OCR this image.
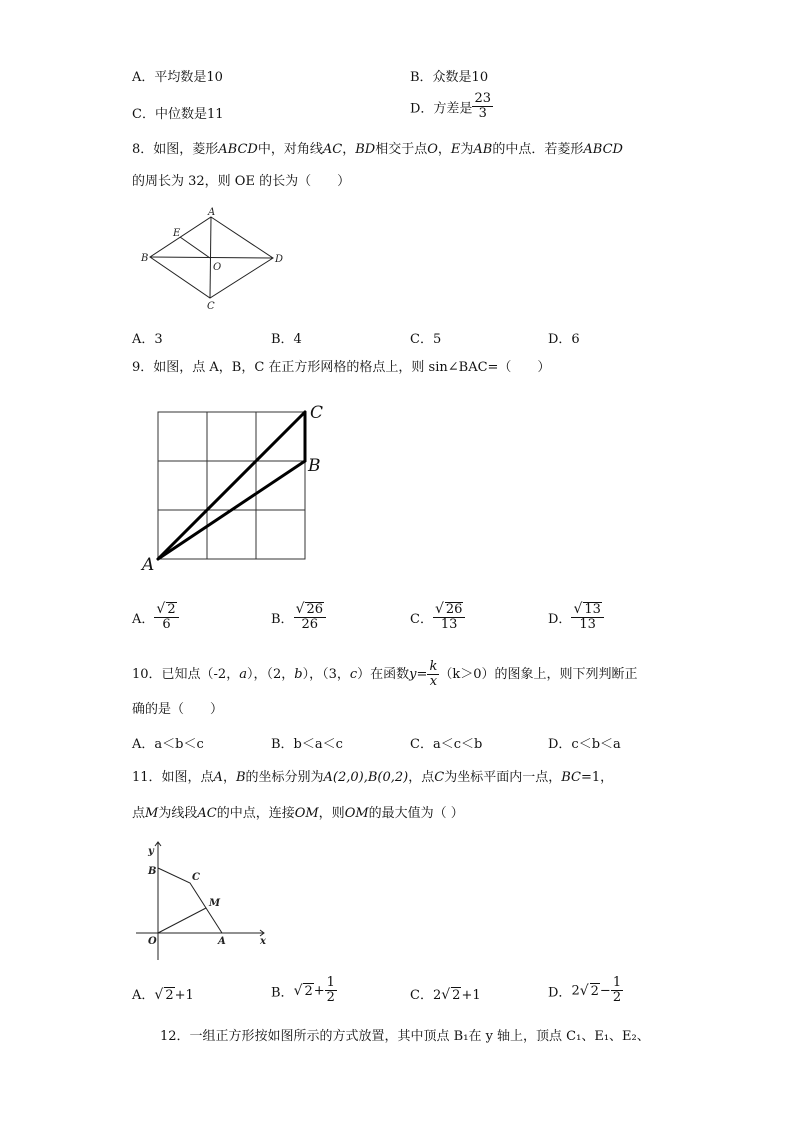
A．平均数是10	B．众数是10
C．中位数是11	D．方差是 $\frac{23}{3}$
8．如图，菱形ABCD中，对角线AC，BD相交于点O，E为AB的中点．若菱形ABCD
的周长为 32，则 OE 的长为（　　）
A
B
C
D
E
O
A．3	B．4	C．5	D．6
9．如图，点 A，B，C 在正方形网格的格点上，则 sin∠BAC=（　　）
A
B
C
A． $\frac{√ 2}{6}$	B． $\frac{√ 26}{26}$	C． $\frac{√ 26}{13}$	D． $\frac{√ 13}{13}$
10．已知点（-2，a），（2，b），（3，c）在函数$y= \frac{k}{x} (k>0)$的图象上，则下列判断正
确的是（　　）
A．a＜b＜c	B．b＜a＜c	C．a＜c＜b	D．c＜b＜a
11．如图，点A，B的坐标分别为A(2,0),B(0,2)，点C为坐标平面内一点，BC=1，
点M为线段AC的中点，连接OM，则OM的最大值为（ ）
y
x
B
C
M
O	A
A．√ 2+1	B．√ $2+ \frac{1}{2}$	C．2√ 2+1	D．2√ $2- \frac{1}{2}$
12．一组正方形按如图所示的方式放置，其中顶点 B₁在 y 轴上，顶点 C₁、E₁、E₂、
